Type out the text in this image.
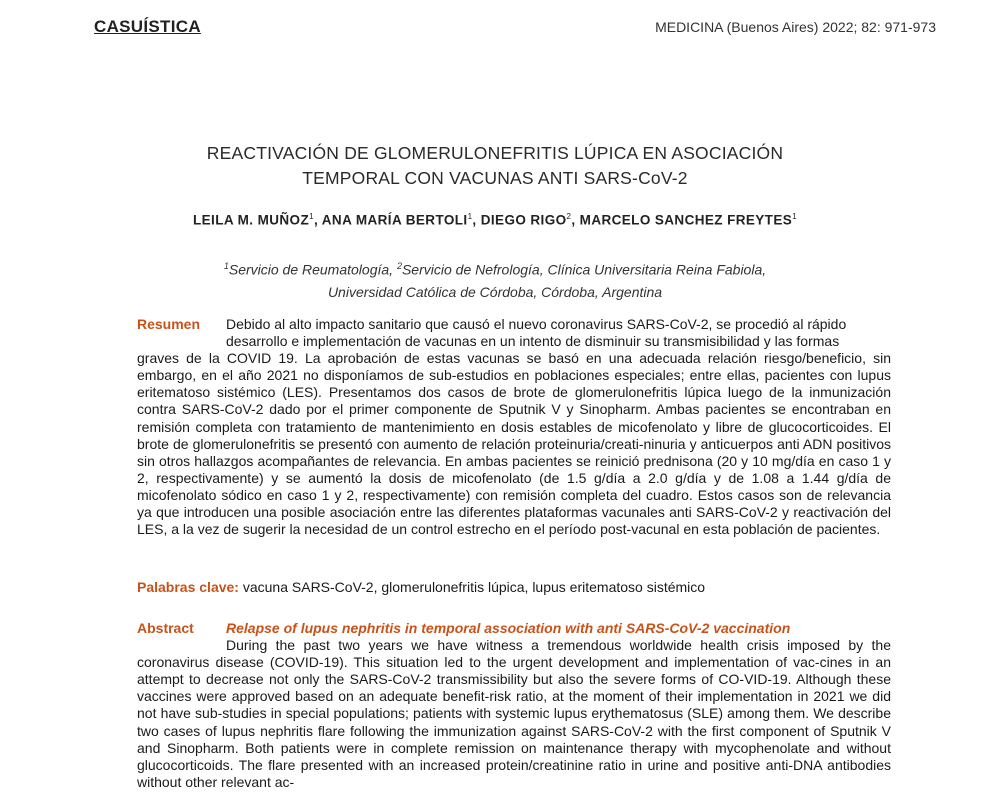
CASUÍSTICA	MEDICINA (Buenos Aires) 2022; 82: 971-973
REACTIVACIÓN DE GLOMERULONEFRITIS LÚPICA EN ASOCIACIÓN
TEMPORAL CON VACUNAS ANTI SARS-CoV-2
LEILA M. MUÑOZ$^1$, ANA MARÍA BERTOLI$^1$, DIEGO RIGO$^2$, MARCELO SANCHEZ FREYTES$^1$
$^1$Servicio de Reumatología, $^2$Servicio de Nefrología, Clínica Universitaria Reina Fabiola,
Universidad Católica de Córdoba, Córdoba, Argentina
Resumen Debido al alto impacto sanitario que causó el nuevo coronavirus SARS-CoV-2, se procedió al rápido
desarrollo e implementación de vacunas en un intento de disminuir su transmisibilidad y las formas
graves de la COVID 19. La aprobación de estas vacunas se basó en una adecuada relación riesgo/beneficio, sin embargo, en el año 2021 no disponíamos de sub-estudios en poblaciones especiales; entre ellas, pacientes con lupus eritematoso sistémico (LES). Presentamos dos casos de brote de glomerulonefritis lúpica luego de la inmunización contra SARS-CoV-2 dado por el primer componente de Sputnik V y Sinopharm. Ambas pacientes se encontraban en remisión completa con tratamiento de mantenimiento en dosis estables de micofenolato y libre de glucocorticoides. El brote de glomerulonefritis se presentó con aumento de relación proteinuria/creati-ninuria y anticuerpos anti ADN positivos sin otros hallazgos acompañantes de relevancia. En ambas pacientes se reinició prednisona (20 y 10 mg/día en caso 1 y 2, respectivamente) y se aumentó la dosis de micofenolato (de 1.5 g/día a 2.0 g/día y de 1.08 a 1.44 g/día de micofenolato sódico en caso 1 y 2, respectivamente) con remisión completa del cuadro. Estos casos son de relevancia ya que introducen una posible asociación entre las diferentes plataformas vacunales anti SARS-CoV-2 y reactivación del LES, a la vez de sugerir la necesidad de un control estrecho en el período post-vacunal en esta población de pacientes.
Palabras clave: vacuna SARS-CoV-2, glomerulonefritis lúpica, lupus eritematoso sistémico
Abstract Relapse of lupus nephritis in temporal association with anti SARS-CoV-2 vaccination
During the past two years we have witness a tremendous worldwide health crisis imposed by the coronavirus disease (COVID-19). This situation led to the urgent development and implementation of vac-cines in an attempt to decrease not only the SARS-CoV-2 transmissibility but also the severe forms of CO-VID-19. Although these vaccines were approved based on an adequate benefit-risk ratio, at the moment of their implementation in 2021 we did not have sub-studies in special populations; patients with systemic lupus erythematosus (SLE) among them. We describe two cases of lupus nephritis flare following the immunization against SARS-CoV-2 with the first component of Sputnik V and Sinopharm. Both patients were in complete remission on maintenance therapy with mycophenolate and without glucocorticoids. The flare presented with an increased protein/creatinine ratio in urine and positive anti-DNA antibodies without other relevant ac-
